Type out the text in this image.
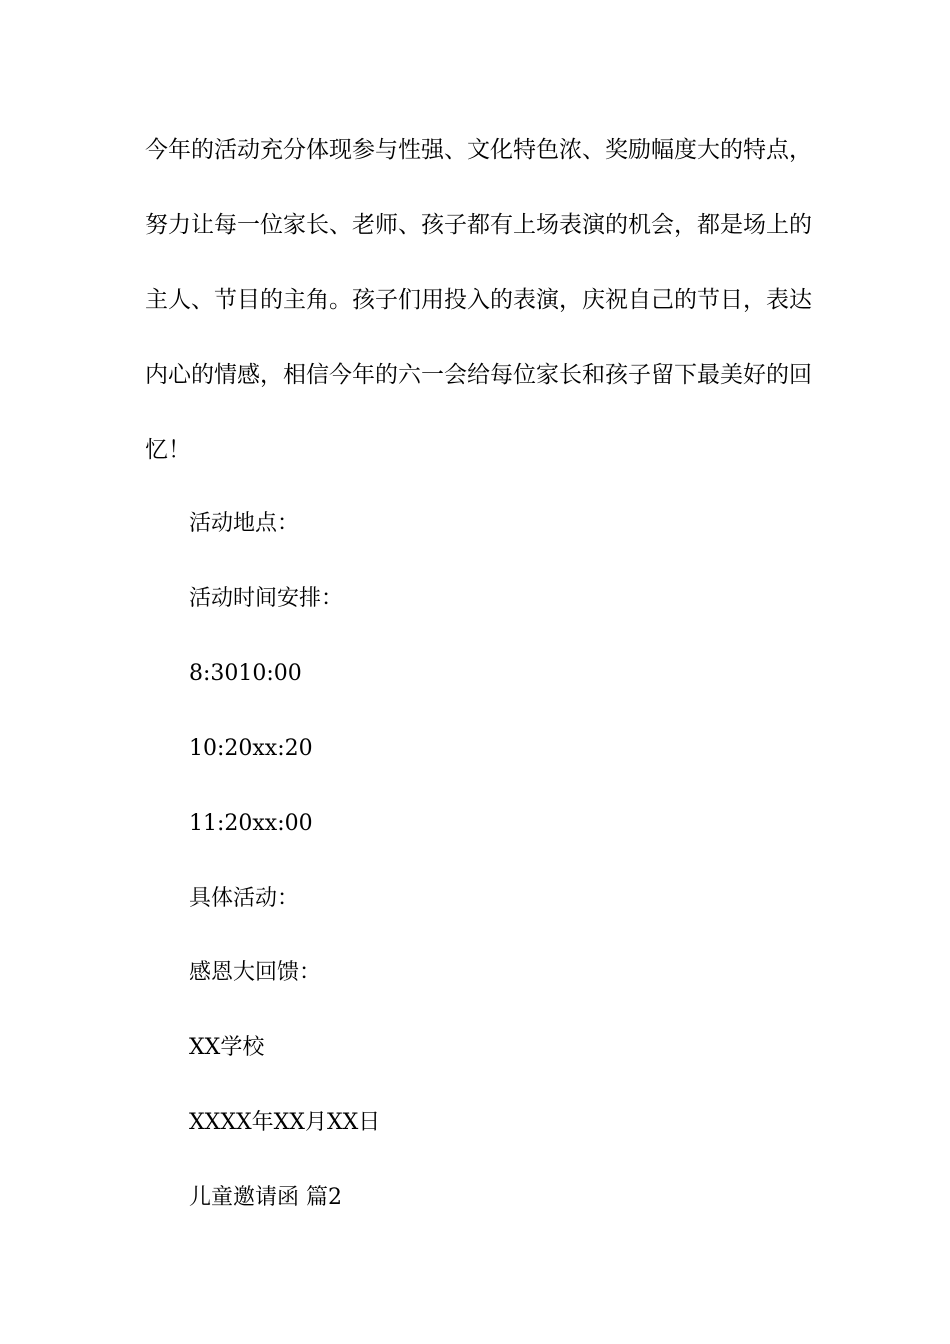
今年的活动充分体现参与性强、文化特色浓、奖励幅度大的特点，
努力让每一位家长、老师、孩子都有上场表演的机会，都是场上的
主人、节目的主角。孩子们用投入的表演，庆祝自己的节日，表达
内心的情感，相信今年的六一会给每位家长和孩子留下最美好的回
忆！
活动地点：
活动时间安排：
8:3010:00
10:20xx:20
11:20xx:00
具体活动：
感恩大回馈：
XX学校
XXXX年XX月XX日
儿童邀请函 篇2
